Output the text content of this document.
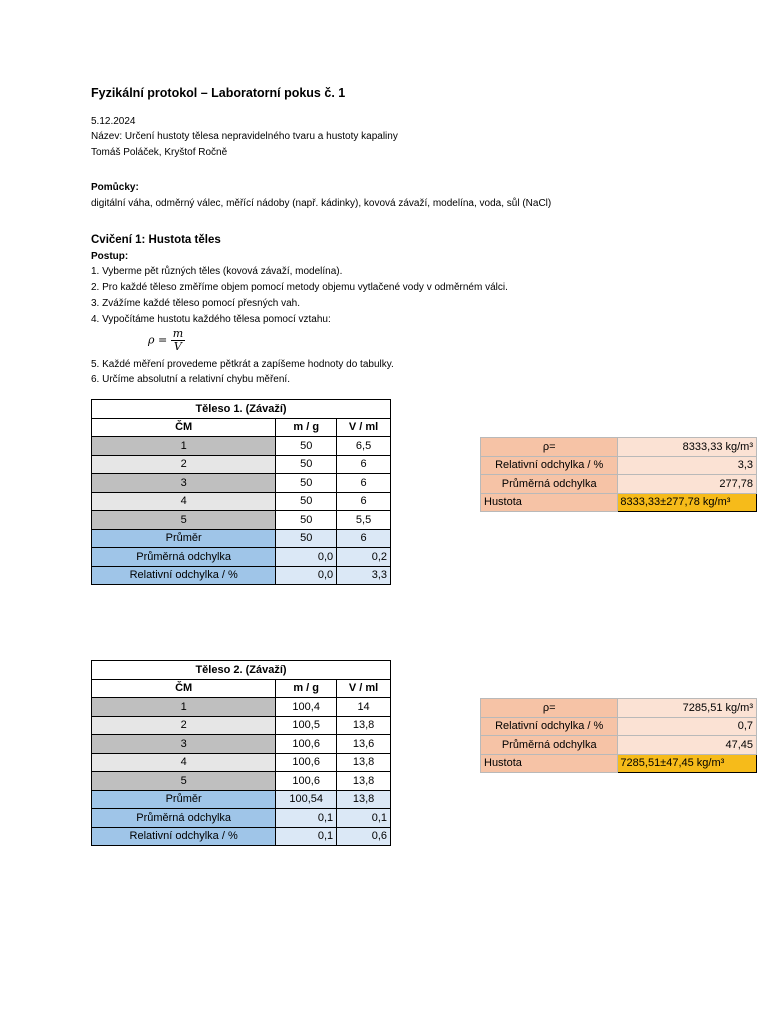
Fyzikální protokol – Laboratorní pokus č. 1
5.12.2024
Název: Určení hustoty tělesa nepravidelného tvaru a hustoty kapaliny
Tomáš Poláček, Kryštof Ročně
Pomůcky:
digitální váha, odměrný válec, měřící nádoby (např. kádinky), kovová závaží, modelína, voda, sůl (NaCl)
Cvičení 1: Hustota těles
Postup:
1. Vyberme pět různých těles (kovová závaží, modelína).
2. Pro každé těleso změříme objem pomocí metody objemu vytlačené vody v odměrném válci.
3. Zvážíme každé těleso pomocí přesných vah.
4. Vypočítáme hustotu každého tělesa pomocí vztahu:
$\rho = \frac{m}{V}$
5. Každé měření provedeme pětkrát a zapíšeme hodnoty do tabulky.
6. Určíme absolutní a relativní chybu měření.
Těleso 1. (Závaží)		
ČM	m / g	V / ml
1	50	6,5
2	50	6
3	50	6
4	50	6
5	50	5,5
Průměr	50	6
Průměrná odchylka	0,0	0,2
Relativní odchylka / %	0,0	3,3
ρ=	8333,33 kg/m³
Relativní odchylka / %	3,3
Průměrná odchylka	277,78
Hustota	8333,33±277,78 kg/m³
Těleso 2. (Závaží)		
ČM	m / g	V / ml
1	100,4	14
2	100,5	13,8
3	100,6	13,6
4	100,6	13,8
5	100,6	13,8
Průměr	100,54	13,8
Průměrná odchylka	0,1	0,1
Relativní odchylka / %	0,1	0,6
ρ=	7285,51 kg/m³
Relativní odchylka / %	0,7
Průměrná odchylka	47,45
Hustota	7285,51±47,45 kg/m³
